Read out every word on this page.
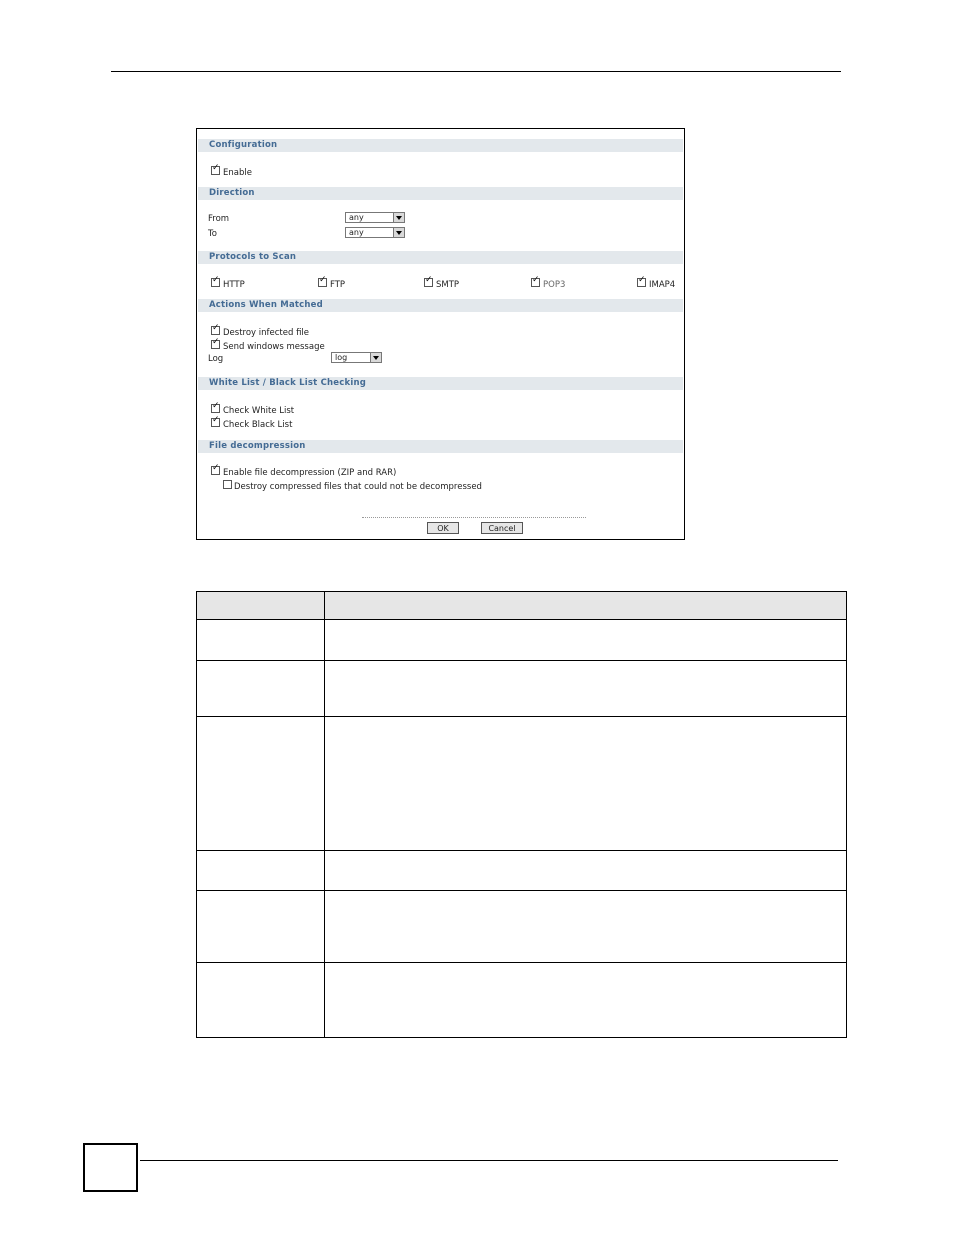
Configuration
✓
Enable
Direction
From	any
To	any
Protocols to Scan
✓
HTTP ✓	FTP ✓	SMTP ✓	POP3 ✓	IMAP4
Actions When Matched
✓
Destroy infected file
✓
Send windows message
Log	log
White List / Black List Checking
✓
Check White List
✓
Check Black List
File decompression
✓
Enable file decompression (ZIP and RAR)
Destroy compressed files that could not be decompressed
OK	Cancel
